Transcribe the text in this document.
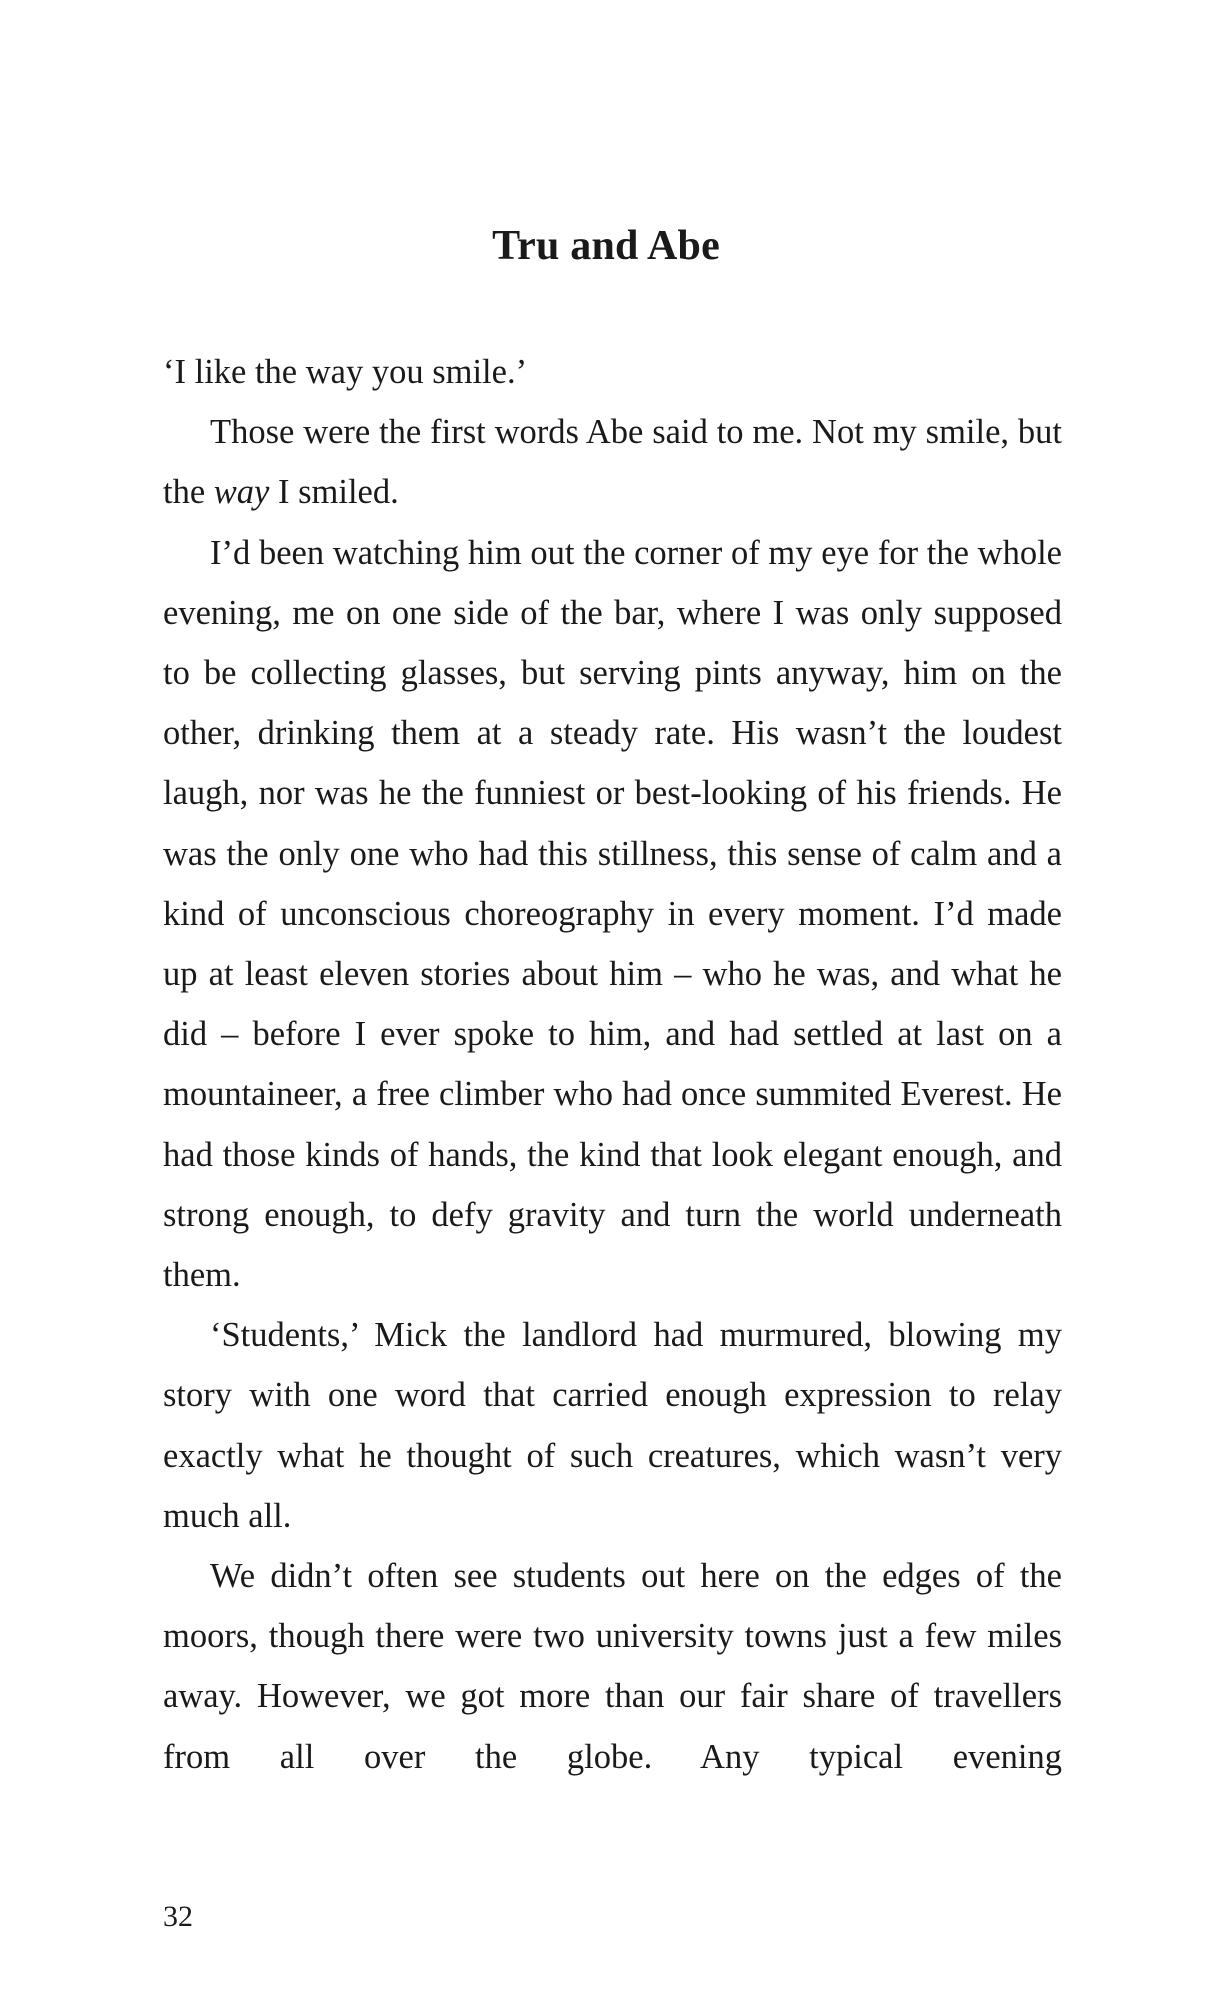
Tru and Abe

‘I like the way you smile.’

Those were the first words Abe said to me. Not my smile, but the way I smiled.

I’d been watching him out the corner of my eye for the whole evening, me on one side of the bar, where I was only supposed to be collecting glasses, but serving pints anyway, him on the other, drinking them at a steady rate. His wasn’t the loudest laugh, nor was he the funniest or best-looking of his friends. He was the only one who had this stillness, this sense of calm and a kind of unconscious choreography in every moment. I’d made up at least eleven stories about him – who he was, and what he did – before I ever spoke to him, and had settled at last on a mountaineer, a free climber who had once summited Everest. He had those kinds of hands, the kind that look elegant enough, and strong enough, to defy gravity and turn the world underneath them.

‘Students,’ Mick the landlord had murmured, blowing my story with one word that carried enough expression to relay exactly what he thought of such creatures, which wasn’t very much all.

We didn’t often see students out here on the edges of the moors, though there were two university towns just a few miles away. However, we got more than our fair share of travellers from all over the globe. Any typical evening

32
